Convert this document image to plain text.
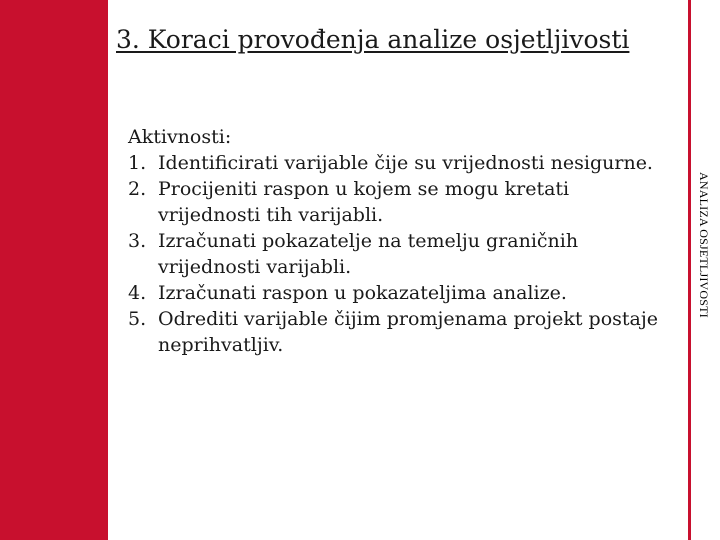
ANALIZA OSJETLJIVOSTI
3. Koraci provođenja analize osjetljivosti

Aktivnosti:

1. Identificirati varijable čije su vrijednosti nesigurne.
2. Procijeniti raspon u kojem se mogu kretati vrijednosti tih varijabli.
3. Izračunati pokazatelje na temelju graničnih vrijednosti varijabli.
4. Izračunati raspon u pokazateljima analize.
5. Odrediti varijable čijim promjenama projekt postaje neprihvatljiv.
